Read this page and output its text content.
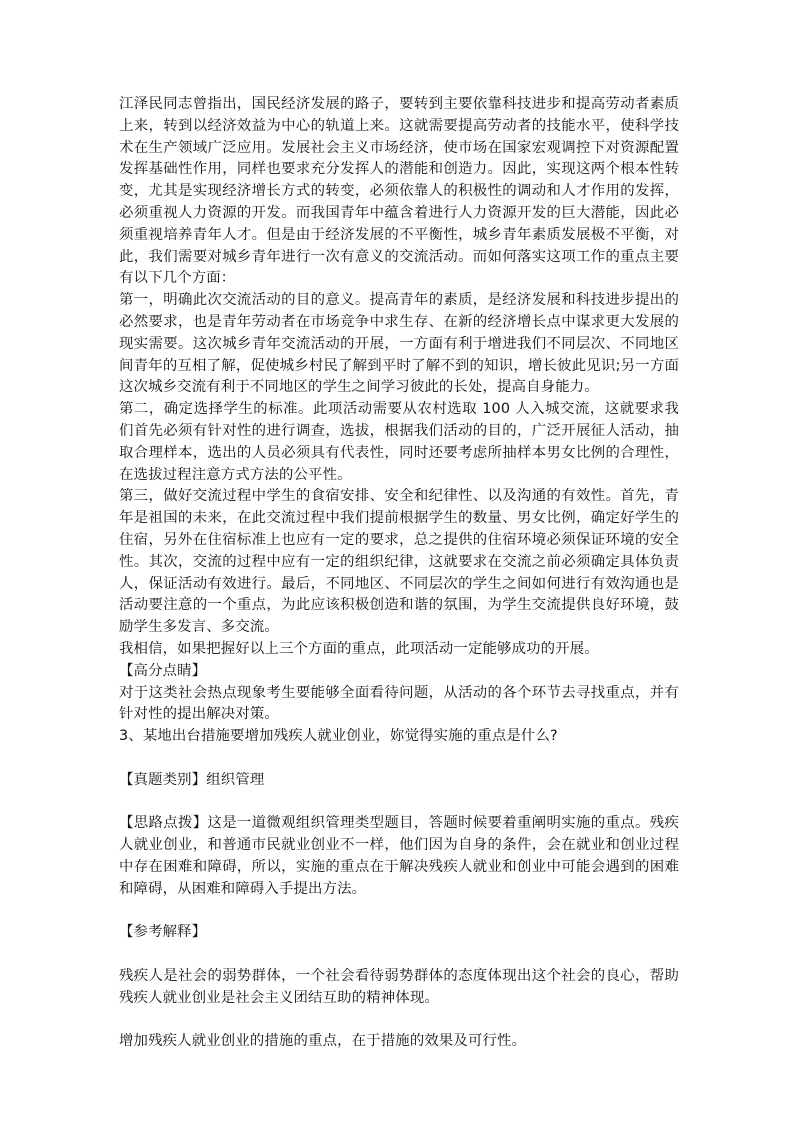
江泽民同志曾指出，国民经济发展的路子，要转到主要依靠科技进步和提高劳动者素质上来，转到以经济效益为中心的轨道上来。这就需要提高劳动者的技能水平，使科学技术在生产领域广泛应用。发展社会主义市场经济，使市场在国家宏观调控下对资源配置发挥基础性作用，同样也要求充分发挥人的潜能和创造力。因此，实现这两个根本性转变，尤其是实现经济增长方式的转变，必须依靠人的积极性的调动和人才作用的发挥，必须重视人力资源的开发。而我国青年中蕴含着进行人力资源开发的巨大潜能，因此必须重视培养青年人才。但是由于经济发展的不平衡性，城乡青年素质发展极不平衡，对此，我们需要对城乡青年进行一次有意义的交流活动。而如何落实这项工作的重点主要有以下几个方面：

第一，明确此次交流活动的目的意义。提高青年的素质，是经济发展和科技进步提出的必然要求，也是青年劳动者在市场竞争中求生存、在新的经济增长点中谋求更大发展的现实需要。这次城乡青年交流活动的开展，一方面有利于增进我们不同层次、不同地区间青年的互相了解，促使城乡村民了解到平时了解不到的知识，增长彼此见识;另一方面这次城乡交流有利于不同地区的学生之间学习彼此的长处，提高自身能力。

第二，确定选择学生的标准。此项活动需要从农村选取 100 人入城交流，这就要求我们首先必须有针对性的进行调查，选拔，根据我们活动的目的，广泛开展征人活动，抽取合理样本，选出的人员必须具有代表性，同时还要考虑所抽样本男女比例的合理性，在选拔过程注意方式方法的公平性。

第三，做好交流过程中学生的食宿安排、安全和纪律性、以及沟通的有效性。首先，青年是祖国的未来，在此交流过程中我们提前根据学生的数量、男女比例，确定好学生的住宿，另外在住宿标准上也应有一定的要求，总之提供的住宿环境必须保证环境的安全性。其次，交流的过程中应有一定的组织纪律，这就要求在交流之前必须确定具体负责人，保证活动有效进行。最后，不同地区、不同层次的学生之间如何进行有效沟通也是活动要注意的一个重点，为此应该积极创造和谐的氛围，为学生交流提供良好环境，鼓励学生多发言、多交流。

我相信，如果把握好以上三个方面的重点，此项活动一定能够成功的开展。

【高分点睛】

对于这类社会热点现象考生要能够全面看待问题，从活动的各个环节去寻找重点，并有针对性的提出解决对策。

3、某地出台措施要增加残疾人就业创业，妳觉得实施的重点是什么?

【真题类别】组织管理

【思路点拨】这是一道微观组织管理类型题目，答题时候要着重阐明实施的重点。残疾人就业创业，和普通市民就业创业不一样，他们因为自身的条件，会在就业和创业过程中存在困难和障碍，所以，实施的重点在于解决残疾人就业和创业中可能会遇到的困难和障碍，从困难和障碍入手提出方法。

【参考解释】

残疾人是社会的弱势群体，一个社会看待弱势群体的态度体现出这个社会的良心，帮助残疾人就业创业是社会主义团结互助的精神体现。

增加残疾人就业创业的措施的重点，在于措施的效果及可行性。
